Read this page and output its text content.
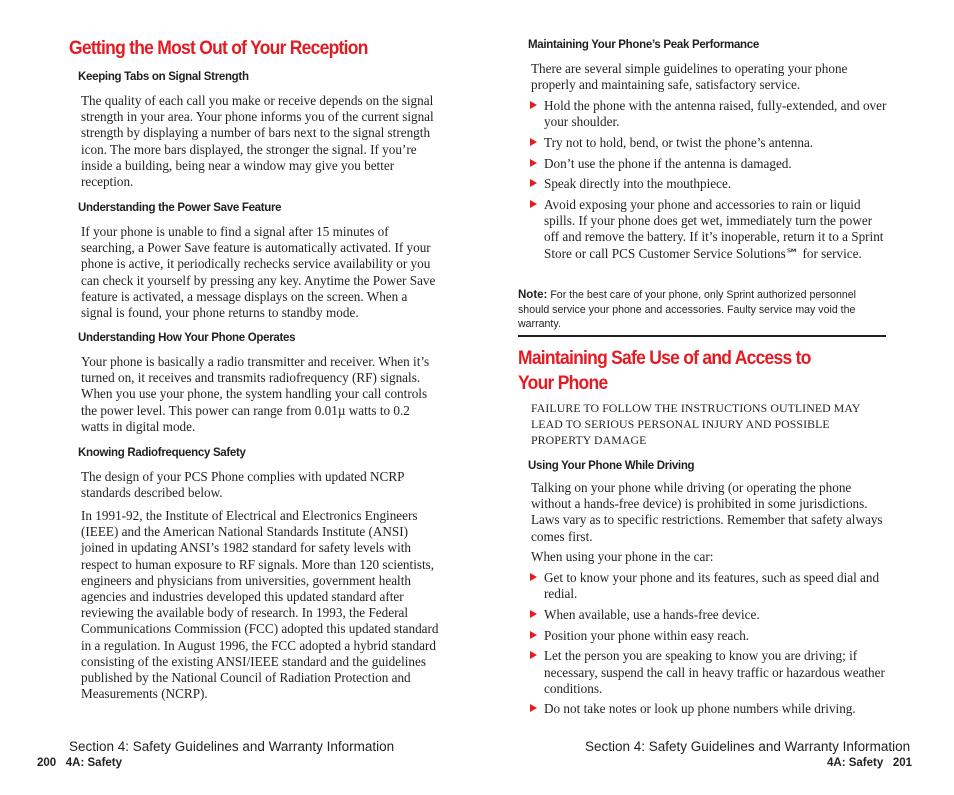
Getting the Most Out of Your Reception
Keeping Tabs on Signal Strength

The quality of each call you make or receive depends on the signal strength in your area. Your phone informs you of the current signal strength by displaying a number of bars next to the signal strength icon. The more bars displayed, the stronger the signal. If you’re inside a building, being near a window may give you better reception.

Understanding the Power Save Feature

If your phone is unable to find a signal after 15 minutes of searching, a Power Save feature is automatically activated. If your phone is active, it periodically rechecks service availability or you can check it yourself by pressing any key. Anytime the Power Save feature is activated, a message displays on the screen. When a signal is found, your phone returns to standby mode.

Understanding How Your Phone Operates

Your phone is basically a radio transmitter and receiver. When it’s turned on, it receives and transmits radiofrequency (RF) signals. When you use your phone, the system handling your call controls the power level. This power can range from 0.01µ watts to 0.2 watts in digital mode.

Knowing Radiofrequency Safety

The design of your PCS Phone complies with updated NCRP standards described below.

In 1991-92, the Institute of Electrical and Electronics Engineers (IEEE) and the American National Standards Institute (ANSI) joined in updating ANSI’s 1982 standard for safety levels with respect to human exposure to RF signals. More than 120 scientists, engineers and physicians from universities, government health agencies and industries developed this updated standard after reviewing the available body of research. In 1993, the Federal Communications Commission (FCC) adopted this updated standard in a regulation. In August 1996, the FCC adopted a hybrid standard consisting of the existing ANSI/IEEE standard and the guidelines published by the National Council of Radiation Protection and Measurements (NCRP).

Section 4: Safety Guidelines and Warranty Information
200   4A: Safety
Maintaining Your Phone’s Peak Performance

There are several simple guidelines to operating your phone properly and maintaining safe, satisfactory service.

Hold the phone with the antenna raised, fully-extended, and over your shoulder.
Try not to hold, bend, or twist the phone’s antenna.
Don’t use the phone if the antenna is damaged.
Speak directly into the mouthpiece.
Avoid exposing your phone and accessories to rain or liquid spills. If your phone does get wet, immediately turn the power off and remove the battery. If it’s inoperable, return it to a Sprint Store or call PCS Customer Service Solutions℠ for service.

Note: For the best care of your phone, only Sprint authorized personnel should service your phone and accessories. Faulty service may void the warranty.

Maintaining Safe Use of and Access to
Your Phone

FAILURE TO FOLLOW THE INSTRUCTIONS OUTLINED MAY LEAD TO SERIOUS PERSONAL INJURY AND POSSIBLE PROPERTY DAMAGE

Using Your Phone While Driving

Talking on your phone while driving (or operating the phone without a hands-free device) is prohibited in some jurisdictions. Laws vary as to specific restrictions. Remember that safety always comes first.

When using your phone in the car:

Get to know your phone and its features, such as speed dial and redial.
When available, use a hands-free device.
Position your phone within easy reach.
Let the person you are speaking to know you are driving; if necessary, suspend the call in heavy traffic or hazardous weather conditions.
Do not take notes or look up phone numbers while driving.
Section 4: Safety Guidelines and Warranty Information
4A: Safety   201
